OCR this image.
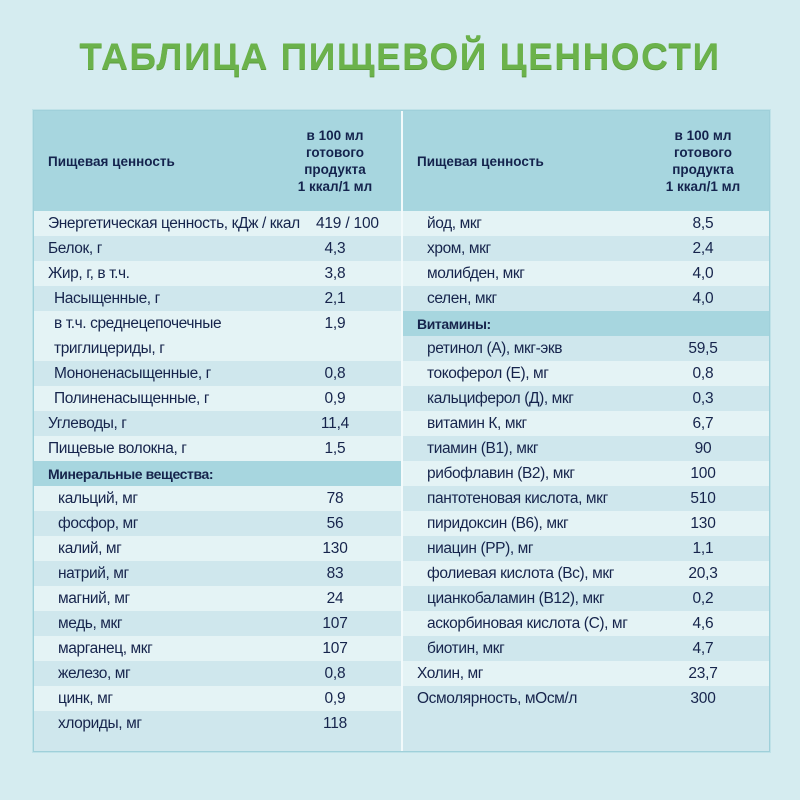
ТАБЛИЦА ПИЩЕВОЙ ЦЕННОСТИ
Пищевая ценность
в 100 мл
готового
продукта
1 ккал/1 мл
Энергетическая ценность, кДж / ккал	419 / 100
Белок, г	4,3
Жир, г, в т.ч.	3,8
Насыщенные, г	2,1
в т.ч. среднецепочечные	1,9
триглицериды, г
Мононенасыщенные, г	0,8
Полиненасыщенные, г	0,9
Углеводы, г	11,4
Пищевые волокна, г	1,5
Минеральные вещества:
кальций, мг	78
фосфор, мг	56
калий, мг	130
натрий, мг	83
магний, мг	24
медь, мкг	107
марганец, мкг	107
железо, мг	0,8
цинк, мг	0,9
хлориды, мг	118
Пищевая ценность
в 100 мл
готового
продукта
1 ккал/1 мл
йод, мкг	8,5
хром, мкг	2,4
молибден, мкг	4,0
селен, мкг	4,0
Витамины:
ретинол (А), мкг-экв	59,5
токоферол (Е), мг	0,8
кальциферол (Д), мкг	0,3
витамин К, мкг	6,7
тиамин (В1), мкг	90
рибофлавин (В2), мкг	100
пантотеновая кислота, мкг	510
пиридоксин (В6), мкг	130
ниацин (РР), мг	1,1
фолиевая кислота (Вс), мкг	20,3
цианкобаламин (В12), мкг	0,2
аскорбиновая кислота (С), мг	4,6
биотин, мкг	4,7
Холин, мг	23,7
Осмолярность, мОсм/л	300
